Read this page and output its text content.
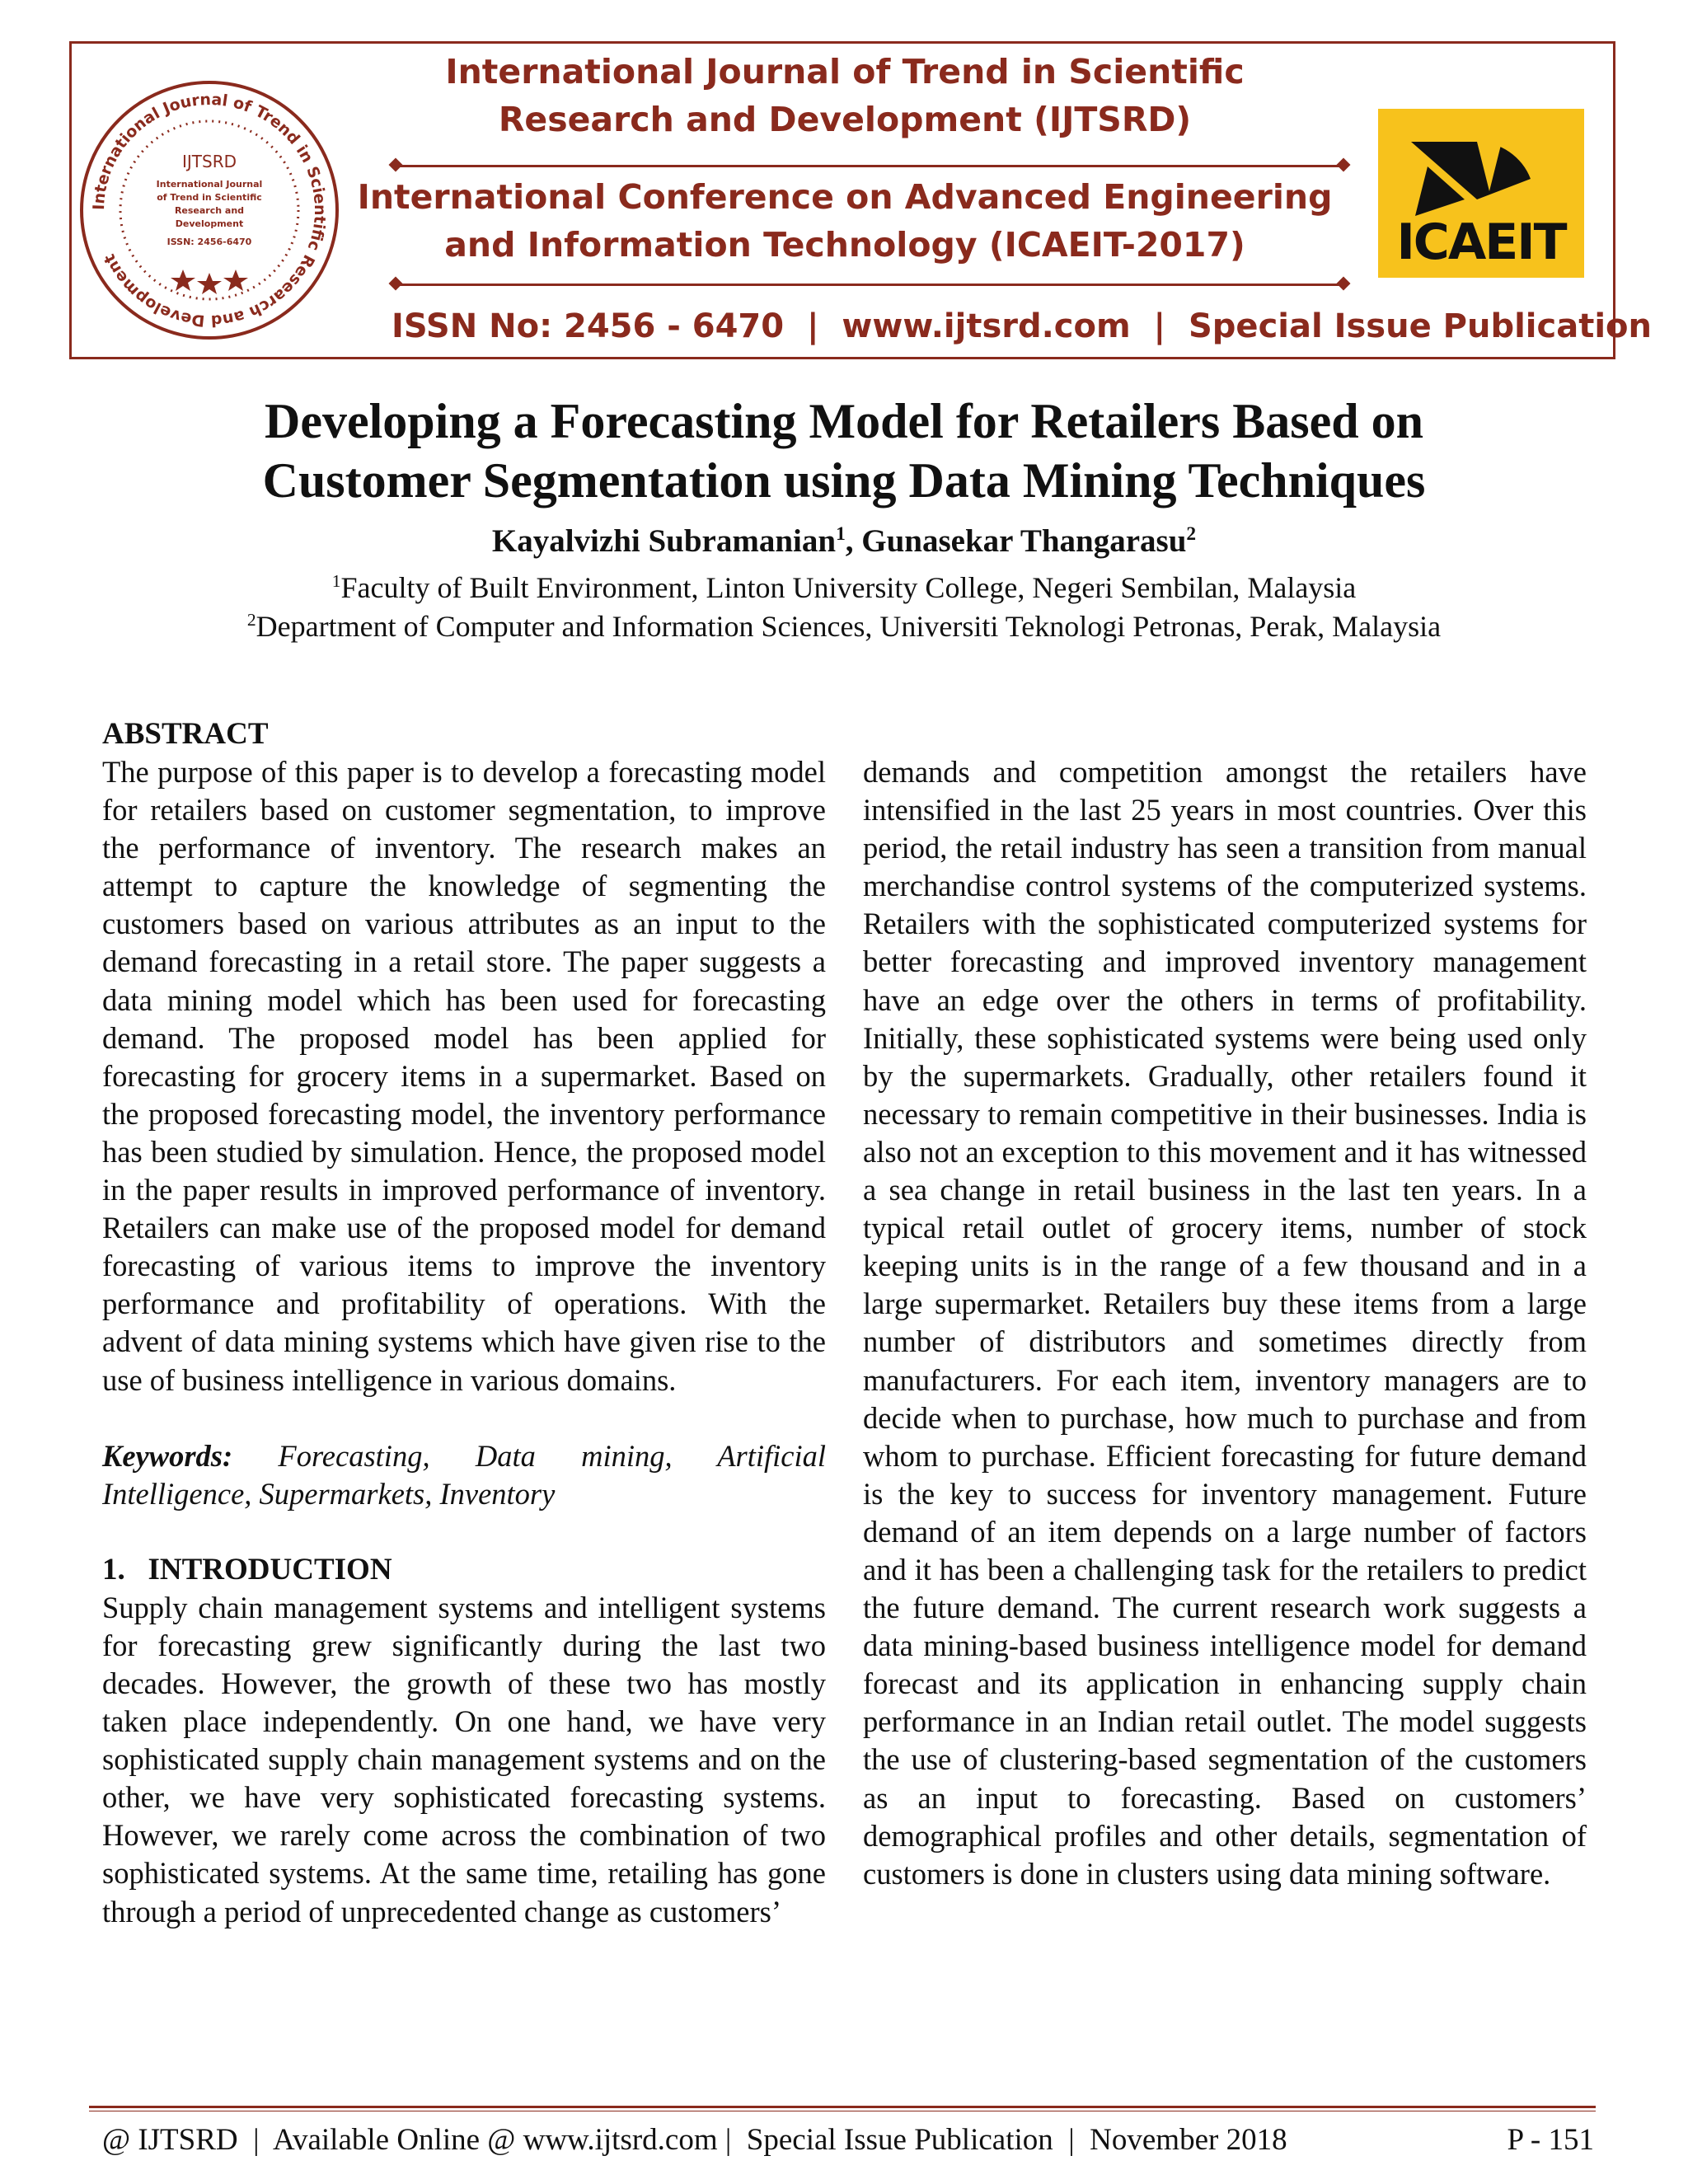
International Journal of Trend in Scientific Research and Development
IJTSRD
International Journal
of Trend in Scientific
Research and
Development
ISSN: 2456-6470
International Journal of Trend in Scientific
Research and Development (IJTSRD)
International Conference on Advanced Engineering
and Information Technology (ICAEIT-2017)
ISSN No: 2456 - 6470  |  www.ijtsrd.com  |  Special Issue Publication
ICAEIT
Developing a Forecasting Model for Retailers Based on
Customer Segmentation using Data Mining Techniques
Kayalvizhi Subramanian$^1$, Gunasekar Thangarasu$^2$
$^1$Faculty of Built Environment, Linton University College, Negeri Sembilan, Malaysia
$^2$Department of Computer and Information Sciences, Universiti Teknologi Petronas, Perak, Malaysia

ABSTRACT

The purpose of this paper is to develop a forecasting model for retailers based on customer segmentation, to improve the performance of inventory. The research makes an attempt to capture the knowledge of segmenting the customers based on various attributes as an input to the demand forecasting in a retail store. The paper suggests a data mining model which has been used for forecasting demand. The proposed model has been applied for forecasting for grocery items in a supermarket. Based on the proposed forecasting model, the inventory performance has been studied by simulation. Hence, the proposed model in the paper results in improved performance of inventory. Retailers can make use of the proposed model for demand forecasting of various items to improve the inventory performance and profitability of operations. With the advent of data mining systems which have given rise to the use of business intelligence in various domains.

Keywords: Forecasting, Data mining, Artificial Intelligence, Supermarkets, Inventory

1.   INTRODUCTION

Supply chain management systems and intelligent systems for forecasting grew significantly during the last two decades. However, the growth of these two has mostly taken place independently. On one hand, we have very sophisticated supply chain management systems and on the other, we have very sophisticated forecasting systems. However, we rarely come across the combination of two sophisticated systems. At the same time, retailing has gone through a period of unprecedented change as customers’

demands and competition amongst the retailers have intensified in the last 25 years in most countries. Over this period, the retail industry has seen a transition from manual merchandise control systems of the computerized systems. Retailers with the sophisticated computerized systems for better forecasting and improved inventory management have an edge over the others in terms of profitability. Initially, these sophisticated systems were being used only by the supermarkets. Gradually, other retailers found it necessary to remain competitive in their businesses. India is also not an exception to this movement and it has witnessed a sea change in retail business in the last ten years. In a typical retail outlet of grocery items, number of stock keeping units is in the range of a few thousand and in a large supermarket. Retailers buy these items from a large number of distributors and sometimes directly from manufacturers. For each item, inventory managers are to decide when to purchase, how much to purchase and from whom to purchase. Efficient forecasting for future demand is the key to success for inventory management. Future demand of an item depends on a large number of factors and it has been a challenging task for the retailers to predict the future demand. The current research work suggests a data mining-based business intelligence model for demand forecast and its application in enhancing supply chain performance in an Indian retail outlet. The model suggests the use of clustering-based segmentation of the customers as an input to forecasting. Based on customers’ demographical profiles and other details, segmentation of customers is done in clusters using data mining software.

@ IJTSRD  |  Available Online @ www.ijtsrd.com |  Special Issue Publication  |  November 2018	P - 151
